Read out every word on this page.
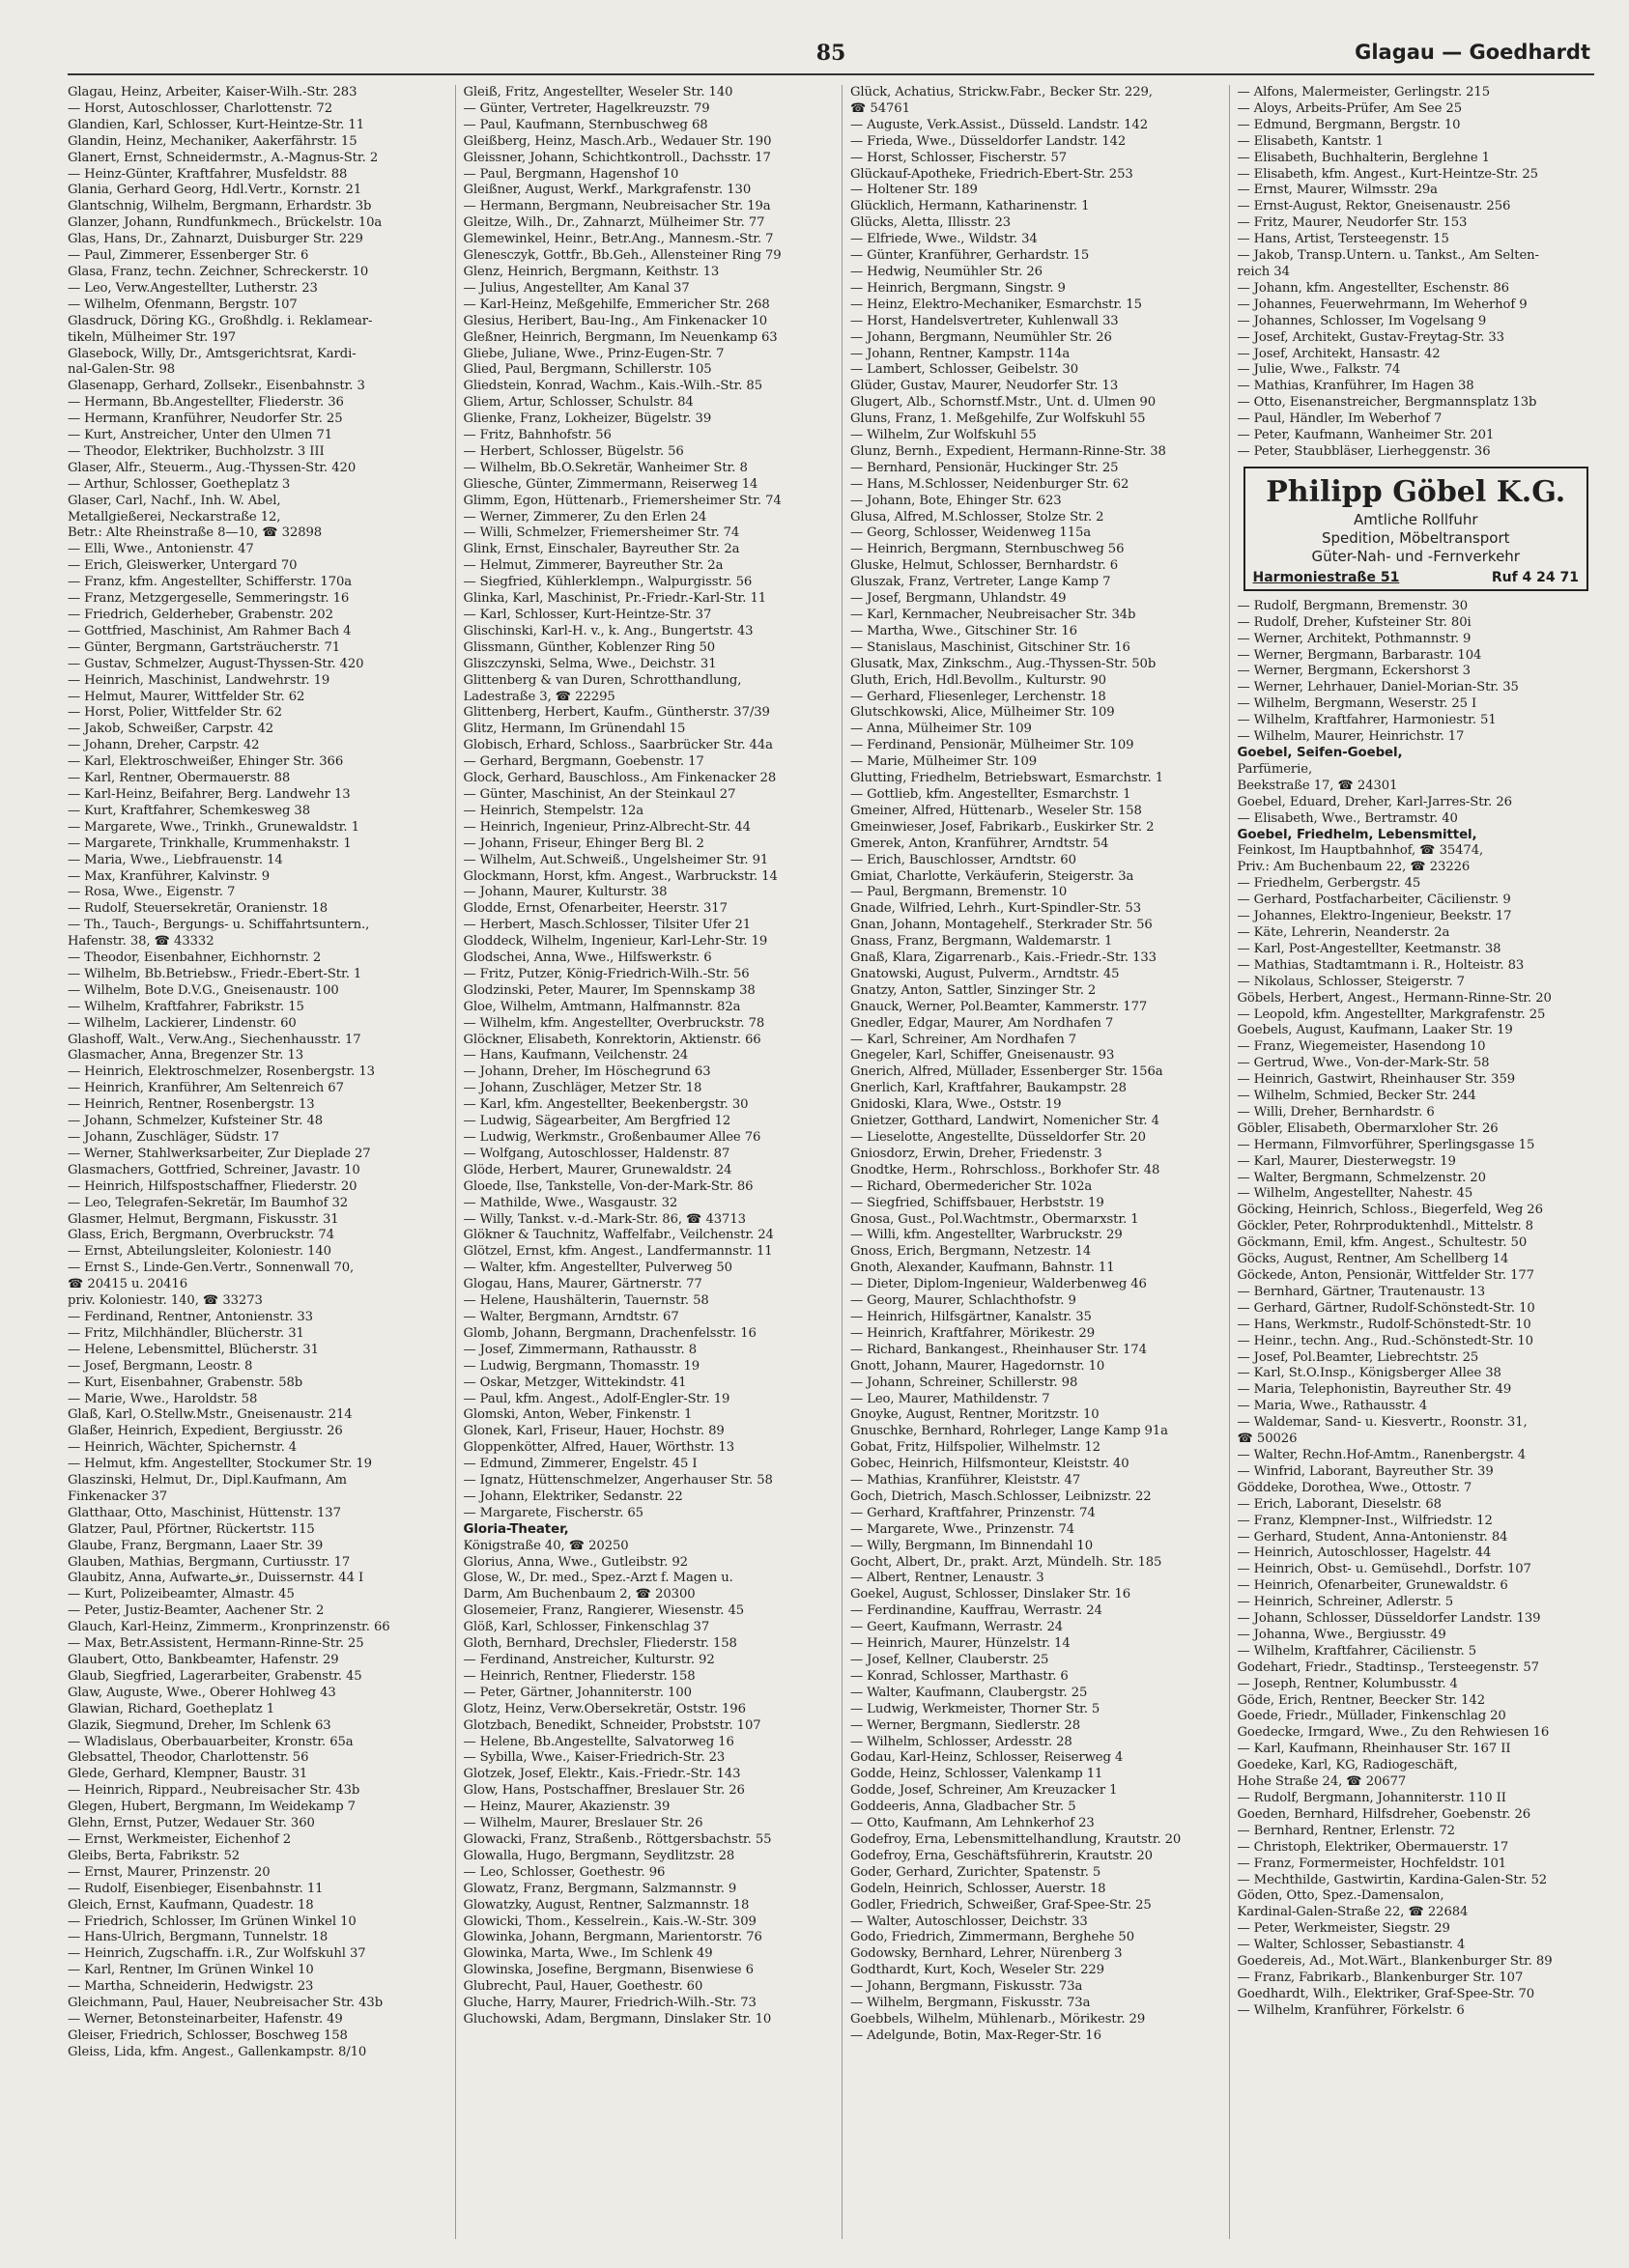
85	Glagau — Goedhardt
Glagau, Heinz, Arbeiter, Kaiser-Wilh.-Str. 283
— Horst, Autoschlosser, Charlottenstr. 72
Glandien, Karl, Schlosser, Kurt-Heintze-Str. 11
Glandin, Heinz, Mechaniker, Aakerfährstr. 15
Glanert, Ernst, Schneidermstr., A.-Magnus-Str. 2
— Heinz-Günter, Kraftfahrer, Musfeldstr. 88
Glania, Gerhard Georg, Hdl.Vertr., Kornstr. 21
Glantschnig, Wilhelm, Bergmann, Erhardstr. 3b
Glanzer, Johann, Rundfunkmech., Brückelstr. 10a
Glas, Hans, Dr., Zahnarzt, Duisburger Str. 229
— Paul, Zimmerer, Essenberger Str. 6
Glasa, Franz, techn. Zeichner, Schreckerstr. 10
— Leo, Verw.Angestellter, Lutherstr. 23
— Wilhelm, Ofenmann, Bergstr. 107
Glasdruck, Döring KG., Großhdlg. i. Reklamear-
tikeln, Mülheimer Str. 197
Glasebock, Willy, Dr., Amtsgerichtsrat, Kardi-
nal-Galen-Str. 98
Glasenapp, Gerhard, Zollsekr., Eisenbahnstr. 3
— Hermann, Bb.Angestellter, Fliederstr. 36
— Hermann, Kranführer, Neudorfer Str. 25
— Kurt, Anstreicher, Unter den Ulmen 71
— Theodor, Elektriker, Buchholzstr. 3 III
Glaser, Alfr., Steuerm., Aug.-Thyssen-Str. 420
— Arthur, Schlosser, Goetheplatz 3
Glaser, Carl, Nachf., Inh. W. Abel,
Metallgießerei, Neckarstraße 12,
Betr.: Alte Rheinstraße 8—10, ☎ 32898
— Elli, Wwe., Antonienstr. 47
— Erich, Gleiswerker, Untergard 70
— Franz, kfm. Angestellter, Schifferstr. 170a
— Franz, Metzgergeselle, Semmeringstr. 16
— Friedrich, Gelderheber, Grabenstr. 202
— Gottfried, Maschinist, Am Rahmer Bach 4
— Günter, Bergmann, Gartsträucherstr. 71
— Gustav, Schmelzer, August-Thyssen-Str. 420
— Heinrich, Maschinist, Landwehrstr. 19
— Helmut, Maurer, Wittfelder Str. 62
— Horst, Polier, Wittfelder Str. 62
— Jakob, Schweißer, Carpstr. 42
— Johann, Dreher, Carpstr. 42
— Karl, Elektroschweißer, Ehinger Str. 366
— Karl, Rentner, Obermauerstr. 88
— Karl-Heinz, Beifahrer, Berg. Landwehr 13
— Kurt, Kraftfahrer, Schemkesweg 38
— Margarete, Wwe., Trinkh., Grunewaldstr. 1
— Margarete, Trinkhalle, Krummenhakstr. 1
— Maria, Wwe., Liebfrauenstr. 14
— Max, Kranführer, Kalvinstr. 9
— Rosa, Wwe., Eigenstr. 7
— Rudolf, Steuersekretär, Oranienstr. 18
— Th., Tauch-, Bergungs- u. Schiffahrtsuntern.,
Hafenstr. 38, ☎ 43332
— Theodor, Eisenbahner, Eichhornstr. 2
— Wilhelm, Bb.Betriebsw., Friedr.-Ebert-Str. 1
— Wilhelm, Bote D.V.G., Gneisenaustr. 100
— Wilhelm, Kraftfahrer, Fabrikstr. 15
— Wilhelm, Lackierer, Lindenstr. 60
Glashoff, Walt., Verw.Ang., Siechenhausstr. 17
Glasmacher, Anna, Bregenzer Str. 13
— Heinrich, Elektroschmelzer, Rosenbergstr. 13
— Heinrich, Kranführer, Am Seltenreich 67
— Heinrich, Rentner, Rosenbergstr. 13
— Johann, Schmelzer, Kufsteiner Str. 48
— Johann, Zuschläger, Südstr. 17
— Werner, Stahlwerksarbeiter, Zur Dieplade 27
Glasmachers, Gottfried, Schreiner, Javastr. 10
— Heinrich, Hilfspostschaffner, Fliederstr. 20
— Leo, Telegrafen-Sekretär, Im Baumhof 32
Glasmer, Helmut, Bergmann, Fiskusstr. 31
Glass, Erich, Bergmann, Overbruckstr. 74
— Ernst, Abteilungsleiter, Koloniestr. 140
— Ernst S., Linde-Gen.Vertr., Sonnenwall 70,
☎ 20415 u. 20416
priv. Koloniestr. 140, ☎ 33273
— Ferdinand, Rentner, Antonienstr. 33
— Fritz, Milchhändler, Blücherstr. 31
— Helene, Lebensmittel, Blücherstr. 31
— Josef, Bergmann, Leostr. 8
— Kurt, Eisenbahner, Grabenstr. 58b
— Marie, Wwe., Haroldstr. 58
Glaß, Karl, O.Stellw.Mstr., Gneisenaustr. 214
Glaßer, Heinrich, Expedient, Bergiusstr. 26
— Heinrich, Wächter, Spichernstr. 4
— Helmut, kfm. Angestellter, Stockumer Str. 19
Glaszinski, Helmut, Dr., Dipl.Kaufmann, Am
Finkenacker 37
Glatthaar, Otto, Maschinist, Hüttenstr. 137
Glatzer, Paul, Pförtner, Rückertstr. 115
Glaube, Franz, Bergmann, Laaer Str. 39
Glauben, Mathias, Bergmann, Curtiusstr. 17
Glaubitz, Anna, Aufwarteفr., Duissernstr. 44 I
— Kurt, Polizeibeamter, Almastr. 45
— Peter, Justiz-Beamter, Aachener Str. 2
Glauch, Karl-Heinz, Zimmerm., Kronprinzenstr. 66
— Max, Betr.Assistent, Hermann-Rinne-Str. 25
Glaubert, Otto, Bankbeamter, Hafenstr. 29
Glaub, Siegfried, Lagerarbeiter, Grabenstr. 45
Glaw, Auguste, Wwe., Oberer Hohlweg 43
Glawian, Richard, Goetheplatz 1
Glazik, Siegmund, Dreher, Im Schlenk 63
— Wladislaus, Oberbauarbeiter, Kronstr. 65a
Glebsattel, Theodor, Charlottenstr. 56
Glede, Gerhard, Klempner, Baustr. 31
— Heinrich, Rippard., Neubreisacher Str. 43b
Glegen, Hubert, Bergmann, Im Weidekamp 7
Glehn, Ernst, Putzer, Wedauer Str. 360
— Ernst, Werkmeister, Eichenhof 2
Gleibs, Berta, Fabrikstr. 52
— Ernst, Maurer, Prinzenstr. 20
— Rudolf, Eisenbieger, Eisenbahnstr. 11
Gleich, Ernst, Kaufmann, Quadestr. 18
— Friedrich, Schlosser, Im Grünen Winkel 10
— Hans-Ulrich, Bergmann, Tunnelstr. 18
— Heinrich, Zugschaffn. i.R., Zur Wolfskuhl 37
— Karl, Rentner, Im Grünen Winkel 10
— Martha, Schneiderin, Hedwigstr. 23
Gleichmann, Paul, Hauer, Neubreisacher Str. 43b
— Werner, Betonsteinarbeiter, Hafenstr. 49
Gleiser, Friedrich, Schlosser, Boschweg 158
Gleiss, Lida, kfm. Angest., Gallenkampstr. 8/10
Gleiß, Fritz, Angestellter, Weseler Str. 140
— Günter, Vertreter, Hagelkreuzstr. 79
— Paul, Kaufmann, Sternbuschweg 68
Gleißberg, Heinz, Masch.Arb., Wedauer Str. 190
Gleissner, Johann, Schichtkontroll., Dachsstr. 17
— Paul, Bergmann, Hagenshof 10
Gleißner, August, Werkf., Markgrafenstr. 130
— Hermann, Bergmann, Neubreisacher Str. 19a
Gleitze, Wilh., Dr., Zahnarzt, Mülheimer Str. 77
Glemewinkel, Heinr., Betr.Ang., Mannesm.-Str. 7
Glenesczyk, Gottfr., Bb.Geh., Allensteiner Ring 79
Glenz, Heinrich, Bergmann, Keithstr. 13
— Julius, Angestellter, Am Kanal 37
— Karl-Heinz, Meßgehilfe, Emmericher Str. 268
Glesius, Heribert, Bau-Ing., Am Finkenacker 10
Gleßner, Heinrich, Bergmann, Im Neuenkamp 63
Gliebe, Juliane, Wwe., Prinz-Eugen-Str. 7
Glied, Paul, Bergmann, Schillerstr. 105
Gliedstein, Konrad, Wachm., Kais.-Wilh.-Str. 85
Gliem, Artur, Schlosser, Schulstr. 84
Glienke, Franz, Lokheizer, Bügelstr. 39
— Fritz, Bahnhofstr. 56
— Herbert, Schlosser, Bügelstr. 56
— Wilhelm, Bb.O.Sekretär, Wanheimer Str. 8
Gliesche, Günter, Zimmermann, Reiserweg 14
Glimm, Egon, Hüttenarb., Friemersheimer Str. 74
— Werner, Zimmerer, Zu den Erlen 24
— Willi, Schmelzer, Friemersheimer Str. 74
Glink, Ernst, Einschaler, Bayreuther Str. 2a
— Helmut, Zimmerer, Bayreuther Str. 2a
— Siegfried, Kühlerklempn., Walpurgisstr. 56
Glinka, Karl, Maschinist, Pr.-Friedr.-Karl-Str. 11
— Karl, Schlosser, Kurt-Heintze-Str. 37
Glischinski, Karl-H. v., k. Ang., Bungertstr. 43
Glissmann, Günther, Koblenzer Ring 50
Gliszczynski, Selma, Wwe., Deichstr. 31
Glittenberg & van Duren, Schrotthandlung,
Ladestraße 3, ☎ 22295
Glittenberg, Herbert, Kaufm., Güntherstr. 37/39
Glitz, Hermann, Im Grünendahl 15
Globisch, Erhard, Schloss., Saarbrücker Str. 44a
— Gerhard, Bergmann, Goebenstr. 17
Glock, Gerhard, Bauschloss., Am Finkenacker 28
— Günter, Maschinist, An der Steinkaul 27
— Heinrich, Stempelstr. 12a
— Heinrich, Ingenieur, Prinz-Albrecht-Str. 44
— Johann, Friseur, Ehinger Berg Bl. 2
— Wilhelm, Aut.Schweiß., Ungelsheimer Str. 91
Glockmann, Horst, kfm. Angest., Warbruckstr. 14
— Johann, Maurer, Kulturstr. 38
Glodde, Ernst, Ofenarbeiter, Heerstr. 317
— Herbert, Masch.Schlosser, Tilsiter Ufer 21
Gloddeck, Wilhelm, Ingenieur, Karl-Lehr-Str. 19
Glodschei, Anna, Wwe., Hilfswerkstr. 6
— Fritz, Putzer, König-Friedrich-Wilh.-Str. 56
Glodzinski, Peter, Maurer, Im Spennskamp 38
Gloe, Wilhelm, Amtmann, Halfmannstr. 82a
— Wilhelm, kfm. Angestellter, Overbruckstr. 78
Glöckner, Elisabeth, Konrektorin, Aktienstr. 66
— Hans, Kaufmann, Veilchenstr. 24
— Johann, Dreher, Im Höschegrund 63
— Johann, Zuschläger, Metzer Str. 18
— Karl, kfm. Angestellter, Beekenbergstr. 30
— Ludwig, Sägearbeiter, Am Bergfried 12
— Ludwig, Werkmstr., Großenbaumer Allee 76
— Wolfgang, Autoschlosser, Haldenstr. 87
Glöde, Herbert, Maurer, Grunewaldstr. 24
Gloede, Ilse, Tankstelle, Von-der-Mark-Str. 86
— Mathilde, Wwe., Wasgaustr. 32
— Willy, Tankst. v.-d.-Mark-Str. 86, ☎ 43713
Glökner & Tauchnitz, Waffelfabr., Veilchenstr. 24
Glötzel, Ernst, kfm. Angest., Landfermannstr. 11
— Walter, kfm. Angestellter, Pulverweg 50
Glogau, Hans, Maurer, Gärtnerstr. 77
— Helene, Haushälterin, Tauernstr. 58
— Walter, Bergmann, Arndtstr. 67
Glomb, Johann, Bergmann, Drachenfelsstr. 16
— Josef, Zimmermann, Rathausstr. 8
— Ludwig, Bergmann, Thomasstr. 19
— Oskar, Metzger, Wittekindstr. 41
— Paul, kfm. Angest., Adolf-Engler-Str. 19
Glomski, Anton, Weber, Finkenstr. 1
Glonek, Karl, Friseur, Hauer, Hochstr. 89
Gloppenkötter, Alfred, Hauer, Wörthstr. 13
— Edmund, Zimmerer, Engelstr. 45 I
— Ignatz, Hüttenschmelzer, Angerhauser Str. 58
— Johann, Elektriker, Sedanstr. 22
— Margarete, Fischerstr. 65
Gloria-Theater,
Königstraße 40, ☎ 20250
Glorius, Anna, Wwe., Gutleibstr. 92
Glose, W., Dr. med., Spez.-Arzt f. Magen u.
Darm, Am Buchenbaum 2, ☎ 20300
Glosemeier, Franz, Rangierer, Wiesenstr. 45
Glöß, Karl, Schlosser, Finkenschlag 37
Gloth, Bernhard, Drechsler, Fliederstr. 158
— Ferdinand, Anstreicher, Kulturstr. 92
— Heinrich, Rentner, Fliederstr. 158
— Peter, Gärtner, Johanniterstr. 100
Glotz, Heinz, Verw.Obersekretär, Oststr. 196
Glotzbach, Benedikt, Schneider, Probststr. 107
— Helene, Bb.Angestellte, Salvatorweg 16
— Sybilla, Wwe., Kaiser-Friedrich-Str. 23
Glotzek, Josef, Elektr., Kais.-Friedr.-Str. 143
Glow, Hans, Postschaffner, Breslauer Str. 26
— Heinz, Maurer, Akazienstr. 39
— Wilhelm, Maurer, Breslauer Str. 26
Glowacki, Franz, Straßenb., Röttgersbachstr. 55
Glowalla, Hugo, Bergmann, Seydlitzstr. 28
— Leo, Schlosser, Goethestr. 96
Glowatz, Franz, Bergmann, Salzmannstr. 9
Glowatzky, August, Rentner, Salzmannstr. 18
Glowicki, Thom., Kesselrein., Kais.-W.-Str. 309
Glowinka, Johann, Bergmann, Marientorstr. 76
Glowinka, Marta, Wwe., Im Schlenk 49
Glowinska, Josefine, Bergmann, Bisenwiese 6
Glubrecht, Paul, Hauer, Goethestr. 60
Gluche, Harry, Maurer, Friedrich-Wilh.-Str. 73
Gluchowski, Adam, Bergmann, Dinslaker Str. 10
Glück, Achatius, Strickw.Fabr., Becker Str. 229,
☎ 54761
— Auguste, Verk.Assist., Düsseld. Landstr. 142
— Frieda, Wwe., Düsseldorfer Landstr. 142
— Horst, Schlosser, Fischerstr. 57
Glückauf-Apotheke, Friedrich-Ebert-Str. 253
— Holtener Str. 189
Glücklich, Hermann, Katharinenstr. 1
Glücks, Aletta, Illisstr. 23
— Elfriede, Wwe., Wildstr. 34
— Günter, Kranführer, Gerhardstr. 15
— Hedwig, Neumühler Str. 26
— Heinrich, Bergmann, Singstr. 9
— Heinz, Elektro-Mechaniker, Esmarchstr. 15
— Horst, Handelsvertreter, Kuhlenwall 33
— Johann, Bergmann, Neumühler Str. 26
— Johann, Rentner, Kampstr. 114a
— Lambert, Schlosser, Geibelstr. 30
Glüder, Gustav, Maurer, Neudorfer Str. 13
Glugert, Alb., Schornstf.Mstr., Unt. d. Ulmen 90
Gluns, Franz, 1. Meßgehilfe, Zur Wolfskuhl 55
— Wilhelm, Zur Wolfskuhl 55
Glunz, Bernh., Expedient, Hermann-Rinne-Str. 38
— Bernhard, Pensionär, Huckinger Str. 25
— Hans, M.Schlosser, Neidenburger Str. 62
— Johann, Bote, Ehinger Str. 623
Glusa, Alfred, M.Schlosser, Stolze Str. 2
— Georg, Schlosser, Weidenweg 115a
— Heinrich, Bergmann, Sternbuschweg 56
Gluske, Helmut, Schlosser, Bernhardstr. 6
Gluszak, Franz, Vertreter, Lange Kamp 7
— Josef, Bergmann, Uhlandstr. 49
— Karl, Kernmacher, Neubreisacher Str. 34b
— Martha, Wwe., Gitschiner Str. 16
— Stanislaus, Maschinist, Gitschiner Str. 16
Glusatk, Max, Zinkschm., Aug.-Thyssen-Str. 50b
Gluth, Erich, Hdl.Bevollm., Kulturstr. 90
— Gerhard, Fliesenleger, Lerchenstr. 18
Glutschkowski, Alice, Mülheimer Str. 109
— Anna, Mülheimer Str. 109
— Ferdinand, Pensionär, Mülheimer Str. 109
— Marie, Mülheimer Str. 109
Glutting, Friedhelm, Betriebswart, Esmarchstr. 1
— Gottlieb, kfm. Angestellter, Esmarchstr. 1
Gmeiner, Alfred, Hüttenarb., Weseler Str. 158
Gmeinwieser, Josef, Fabrikarb., Euskirker Str. 2
Gmerek, Anton, Kranführer, Arndtstr. 54
— Erich, Bauschlosser, Arndtstr. 60
Gmiat, Charlotte, Verkäuferin, Steigerstr. 3a
— Paul, Bergmann, Bremenstr. 10
Gnade, Wilfried, Lehrh., Kurt-Spindler-Str. 53
Gnan, Johann, Montagehelf., Sterkrader Str. 56
Gnass, Franz, Bergmann, Waldemarstr. 1
Gnaß, Klara, Zigarrenarb., Kais.-Friedr.-Str. 133
Gnatowski, August, Pulverm., Arndtstr. 45
Gnatzy, Anton, Sattler, Sinzinger Str. 2
Gnauck, Werner, Pol.Beamter, Kammerstr. 177
Gnedler, Edgar, Maurer, Am Nordhafen 7
— Karl, Schreiner, Am Nordhafen 7
Gnegeler, Karl, Schiffer, Gneisenaustr. 93
Gnerich, Alfred, Müllader, Essenberger Str. 156a
Gnerlich, Karl, Kraftfahrer, Baukampstr. 28
Gnidoski, Klara, Wwe., Oststr. 19
Gnietzer, Gotthard, Landwirt, Nomenicher Str. 4
— Lieselotte, Angestellte, Düsseldorfer Str. 20
Gniosdorz, Erwin, Dreher, Friedenstr. 3
Gnodtke, Herm., Rohrschloss., Borkhofer Str. 48
— Richard, Obermedericher Str. 102a
— Siegfried, Schiffsbauer, Herbststr. 19
Gnosa, Gust., Pol.Wachtmstr., Obermarxstr. 1
— Willi, kfm. Angestellter, Warbruckstr. 29
Gnoss, Erich, Bergmann, Netzestr. 14
Gnoth, Alexander, Kaufmann, Bahnstr. 11
— Dieter, Diplom-Ingenieur, Walderbenweg 46
— Georg, Maurer, Schlachthofstr. 9
— Heinrich, Hilfsgärtner, Kanalstr. 35
— Heinrich, Kraftfahrer, Mörikestr. 29
— Richard, Bankangest., Rheinhauser Str. 174
Gnott, Johann, Maurer, Hagedornstr. 10
— Johann, Schreiner, Schillerstr. 98
— Leo, Maurer, Mathildenstr. 7
Gnoyke, August, Rentner, Moritzstr. 10
Gnuschke, Bernhard, Rohrleger, Lange Kamp 91a
Gobat, Fritz, Hilfspolier, Wilhelmstr. 12
Gobec, Heinrich, Hilfsmonteur, Kleiststr. 40
— Mathias, Kranführer, Kleiststr. 47
Goch, Dietrich, Masch.Schlosser, Leibnizstr. 22
— Gerhard, Kraftfahrer, Prinzenstr. 74
— Margarete, Wwe., Prinzenstr. 74
— Willy, Bergmann, Im Binnendahl 10
Gocht, Albert, Dr., prakt. Arzt, Mündelh. Str. 185
— Albert, Rentner, Lenaustr. 3
Goekel, August, Schlosser, Dinslaker Str. 16
— Ferdinandine, Kauffrau, Werrastr. 24
— Geert, Kaufmann, Werrastr. 24
— Heinrich, Maurer, Hünzelstr. 14
— Josef, Kellner, Clauberstr. 25
— Konrad, Schlosser, Marthastr. 6
— Walter, Kaufmann, Claubergstr. 25
— Ludwig, Werkmeister, Thorner Str. 5
— Werner, Bergmann, Siedlerstr. 28
— Wilhelm, Schlosser, Ardesstr. 28
Godau, Karl-Heinz, Schlosser, Reiserweg 4
Godde, Heinz, Schlosser, Valenkamp 11
Godde, Josef, Schreiner, Am Kreuzacker 1
Goddeeris, Anna, Gladbacher Str. 5
— Otto, Kaufmann, Am Lehnkerhof 23
Godefroy, Erna, Lebensmittelhandlung, Krautstr. 20
Godefroy, Erna, Geschäftsführerin, Krautstr. 20
Goder, Gerhard, Zurichter, Spatenstr. 5
Godeln, Heinrich, Schlosser, Auerstr. 18
Godler, Friedrich, Schweißer, Graf-Spee-Str. 25
— Walter, Autoschlosser, Deichstr. 33
Godo, Friedrich, Zimmermann, Berghehe 50
Godowsky, Bernhard, Lehrer, Nürenberg 3
Godthardt, Kurt, Koch, Weseler Str. 229
— Johann, Bergmann, Fiskusstr. 73a
— Wilhelm, Bergmann, Fiskusstr. 73a
Goebbels, Wilhelm, Mühlenarb., Mörikestr. 29
— Adelgunde, Botin, Max-Reger-Str. 16
— Alfons, Malermeister, Gerlingstr. 215
— Aloys, Arbeits-Prüfer, Am See 25
— Edmund, Bergmann, Bergstr. 10
— Elisabeth, Kantstr. 1
— Elisabeth, Buchhalterin, Berglehne 1
— Elisabeth, kfm. Angest., Kurt-Heintze-Str. 25
— Ernst, Maurer, Wilmsstr. 29a
— Ernst-August, Rektor, Gneisenaustr. 256
— Fritz, Maurer, Neudorfer Str. 153
— Hans, Artist, Tersteegenstr. 15
— Jakob, Transp.Untern. u. Tankst., Am Selten-
reich 34
— Johann, kfm. Angestellter, Eschenstr. 86
— Johannes, Feuerwehrmann, Im Weherhof 9
— Johannes, Schlosser, Im Vogelsang 9
— Josef, Architekt, Gustav-Freytag-Str. 33
— Josef, Architekt, Hansastr. 42
— Julie, Wwe., Falkstr. 74
— Mathias, Kranführer, Im Hagen 38
— Otto, Eisenanstreicher, Bergmannsplatz 13b
— Paul, Händler, Im Weberhof 7
— Peter, Kaufmann, Wanheimer Str. 201
— Peter, Staubbläser, Lierheggenstr. 36
Philipp Göbel K.G.
Amtliche Rollfuhr
Spedition, Möbeltransport
Güter-Nah- und -Fernverkehr
Harmoniestraße 51	Ruf 4 24 71
— Rudolf, Bergmann, Bremenstr. 30
— Rudolf, Dreher, Kufsteiner Str. 80i
— Werner, Architekt, Pothmannstr. 9
— Werner, Bergmann, Barbarastr. 104
— Werner, Bergmann, Eckershorst 3
— Werner, Lehrhauer, Daniel-Morian-Str. 35
— Wilhelm, Bergmann, Weserstr. 25 I
— Wilhelm, Kraftfahrer, Harmoniestr. 51
— Wilhelm, Maurer, Heinrichstr. 17
Goebel, Seifen-Goebel,
Parfümerie,
Beekstraße 17, ☎ 24301
Goebel, Eduard, Dreher, Karl-Jarres-Str. 26
— Elisabeth, Wwe., Bertramstr. 40
Goebel, Friedhelm, Lebensmittel,
Feinkost, Im Hauptbahnhof, ☎ 35474,
Priv.: Am Buchenbaum 22, ☎ 23226
— Friedhelm, Gerbergstr. 45
— Gerhard, Postfacharbeiter, Cäcilienstr. 9
— Johannes, Elektro-Ingenieur, Beekstr. 17
— Käte, Lehrerin, Neanderstr. 2a
— Karl, Post-Angestellter, Keetmanstr. 38
— Mathias, Stadtamtmann i. R., Holteistr. 83
— Nikolaus, Schlosser, Steigerstr. 7
Göbels, Herbert, Angest., Hermann-Rinne-Str. 20
— Leopold, kfm. Angestellter, Markgrafenstr. 25
Goebels, August, Kaufmann, Laaker Str. 19
— Franz, Wiegemeister, Hasendong 10
— Gertrud, Wwe., Von-der-Mark-Str. 58
— Heinrich, Gastwirt, Rheinhauser Str. 359
— Wilhelm, Schmied, Becker Str. 244
— Willi, Dreher, Bernhardstr. 6
Göbler, Elisabeth, Obermarxloher Str. 26
— Hermann, Filmvorführer, Sperlingsgasse 15
— Karl, Maurer, Diesterwegstr. 19
— Walter, Bergmann, Schmelzenstr. 20
— Wilhelm, Angestellter, Nahestr. 45
Göcking, Heinrich, Schloss., Biegerfeld, Weg 26
Göckler, Peter, Rohrproduktenhdl., Mittelstr. 8
Göckmann, Emil, kfm. Angest., Schultestr. 50
Göcks, August, Rentner, Am Schellberg 14
Göckede, Anton, Pensionär, Wittfelder Str. 177
— Bernhard, Gärtner, Trautenaustr. 13
— Gerhard, Gärtner, Rudolf-Schönstedt-Str. 10
— Hans, Werkmstr., Rudolf-Schönstedt-Str. 10
— Heinr., techn. Ang., Rud.-Schönstedt-Str. 10
— Josef, Pol.Beamter, Liebrechtstr. 25
— Karl, St.O.Insp., Königsberger Allee 38
— Maria, Telephonistin, Bayreuther Str. 49
— Maria, Wwe., Rathausstr. 4
— Waldemar, Sand- u. Kiesvertr., Roonstr. 31,
☎ 50026
— Walter, Rechn.Hof-Amtm., Ranenbergstr. 4
— Winfrid, Laborant, Bayreuther Str. 39
Göddeke, Dorothea, Wwe., Ottostr. 7
— Erich, Laborant, Dieselstr. 68
— Franz, Klempner-Inst., Wilfriedstr. 12
— Gerhard, Student, Anna-Antonienstr. 84
— Heinrich, Autoschlosser, Hagelstr. 44
— Heinrich, Obst- u. Gemüsehdl., Dorfstr. 107
— Heinrich, Ofenarbeiter, Grunewaldstr. 6
— Heinrich, Schreiner, Adlerstr. 5
— Johann, Schlosser, Düsseldorfer Landstr. 139
— Johanna, Wwe., Bergiusstr. 49
— Wilhelm, Kraftfahrer, Cäcilienstr. 5
Godehart, Friedr., Stadtinsp., Tersteegenstr. 57
— Joseph, Rentner, Kolumbusstr. 4
Göde, Erich, Rentner, Beecker Str. 142
Goede, Friedr., Müllader, Finkenschlag 20
Goedecke, Irmgard, Wwe., Zu den Rehwiesen 16
— Karl, Kaufmann, Rheinhauser Str. 167 II
Goedeke, Karl, KG, Radiogeschäft,
Hohe Straße 24, ☎ 20677
— Rudolf, Bergmann, Johanniterstr. 110 II
Goeden, Bernhard, Hilfsdreher, Goebenstr. 26
— Bernhard, Rentner, Erlenstr. 72
— Christoph, Elektriker, Obermauerstr. 17
— Franz, Formermeister, Hochfeldstr. 101
— Mechthilde, Gastwirtin, Kardina-Galen-Str. 52
Göden, Otto, Spez.-Damensalon,
Kardinal-Galen-Straße 22, ☎ 22684
— Peter, Werkmeister, Siegstr. 29
— Walter, Schlosser, Sebastianstr. 4
Goedereis, Ad., Mot.Wärt., Blankenburger Str. 89
— Franz, Fabrikarb., Blankenburger Str. 107
Goedhardt, Wilh., Elektriker, Graf-Spee-Str. 70
— Wilhelm, Kranführer, Förkelstr. 6
